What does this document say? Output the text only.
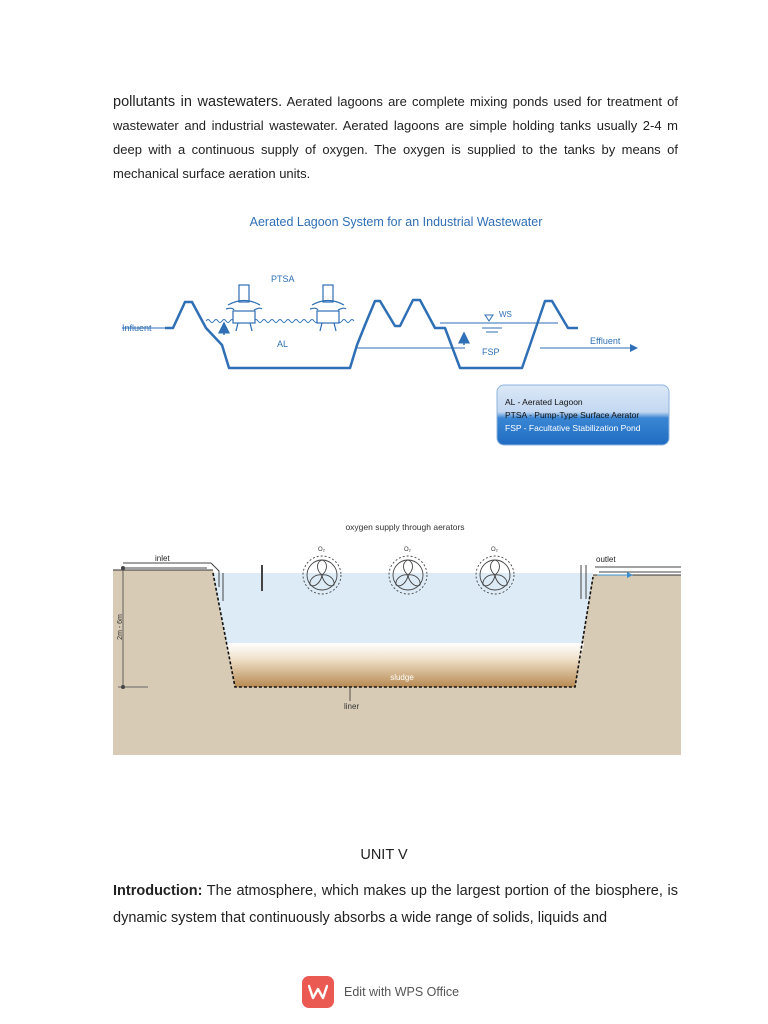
pollutants in wastewaters. Aerated lagoons are complete mixing ponds used for treatment of wastewater and industrial wastewater. Aerated lagoons are simple holding tanks usually 2-4 m deep with a continuous supply of oxygen. The oxygen is supplied to the tanks by means of mechanical surface aeration units.

Aerated Lagoon System for an Industrial Wastewater
Influent
Effluent
PTSA
AL
WS
FSP
AL - Aerated Lagoon
PTSA - Pump-Type Surface Aerator
FSP - Facultative Stabilization Pond
oxygen supply through aerators
inlet	outlet
2m - 6m
O₂	O₂	O₂
sludge
liner

UNIT V

Introduction: The atmosphere, which makes up the largest portion of the biosphere, is dynamic system that continuously absorbs a wide range of solids, liquids and

Edit with WPS Office
